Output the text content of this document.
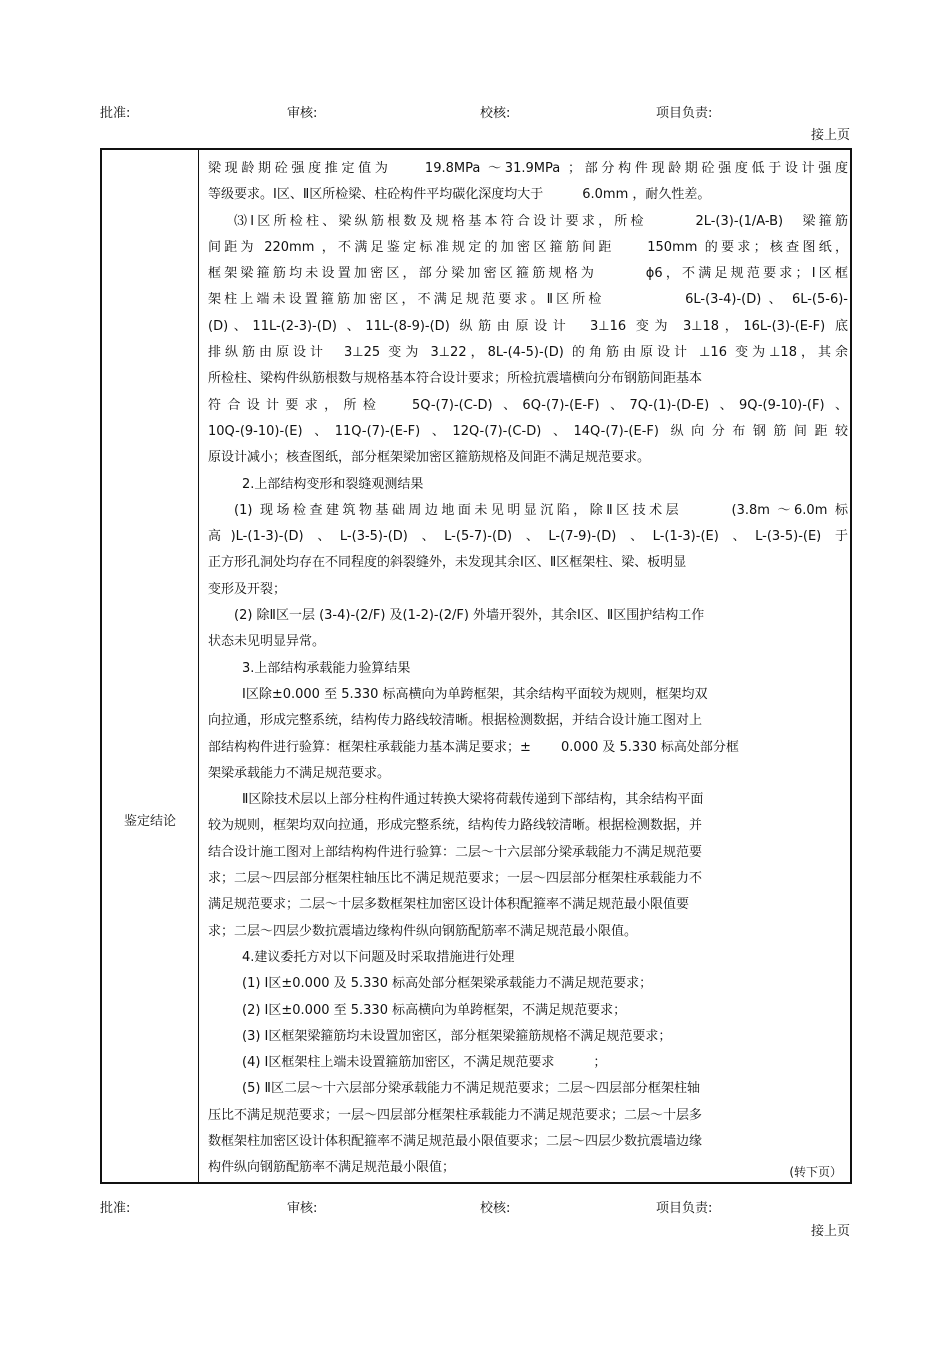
批准:	审核:	校核:	项目负责:
接上页
鉴定结论
梁现龄期砼强度推定值为　　19.8MPa ～31.9MPa ；部分构件现龄期砼强度低于设计强度
等级要求。Ⅰ区、Ⅱ区所检梁、柱砼构件平均碳化深度均大于　　　6.0mm ，耐久性差。
⑶Ⅰ区所检柱、梁纵筋根数及规格基本符合设计要求，所检　　　2L-(3)-(1/A-B)　梁箍筋
间距为 220mm ，不满足鉴定标准规定的加密区箍筋间距　　150mm 的要求；核查图纸，
框架梁箍筋均未设置加密区，部分梁加密区箍筋规格为　　　ɸ6，不满足规范要求；Ⅰ区框
架柱上端未设置箍筋加密区，不满足规范要求。Ⅱ区所检　　　　　6L-(3-4)-(D) 、 6L-(5-6)-
(D)、11L-(2-3)-(D) 、11L-(8-9)-(D) 纵筋由原设计　3⊥16 变为 3⊥18，16L-(3)-(E-F) 底
排纵筋由原设计　3⊥25 变为 3⊥22，8L-(4-5)-(D) 的角筋由原设计 ⊥16 变为⊥18，其余
所检柱、梁构件纵筋根数与规格基本符合设计要求；所检抗震墙横向分布钢筋间距基本
符合设计要求，所检　 5Q-(7)-(C-D) 、6Q-(7)-(E-F) 、7Q-(1)-(D-E) 、9Q-(9-10)-(F) 、
10Q-(9-10)-(E) 、11Q-(7)-(E-F) 、12Q-(7)-(C-D) 、14Q-(7)-(E-F) 纵向分布钢筋间距较
原设计减小；核查图纸，部分框架梁加密区箍筋规格及间距不满足规范要求。
2.上部结构变形和裂缝观测结果
(1) 现场检查建筑物基础周边地面未见明显沉陷，除Ⅱ区技术层　　　(3.8m ～6.0m 标
高)L-(1-3)-(D) 、L-(3-5)-(D) 、L-(5-7)-(D) 、L-(7-9)-(D) 、L-(1-3)-(E) 、L-(3-5)-(E) 于
正方形孔洞处均存在不同程度的斜裂缝外，未发现其余Ⅰ区、Ⅱ区框架柱、梁、板明显
变形及开裂；
(2) 除Ⅱ区一层 (3-4)-(2/F) 及(1-2)-(2/F) 外墙开裂外，其余Ⅰ区、Ⅱ区围护结构工作
状态未见明显异常。
3.上部结构承载能力验算结果
Ⅰ区除±0.000 至 5.330 标高横向为单跨框架，其余结构平面较为规则，框架均双
向拉通，形成完整系统，结构传力路线较清晰。根据检测数据，并结合设计施工图对上
部结构构件进行验算：框架柱承载能力基本满足要求；±　　 0.000 及 5.330 标高处部分框
架梁承载能力不满足规范要求。
Ⅱ区除技术层以上部分柱构件通过转换大梁将荷载传递到下部结构，其余结构平面
较为规则，框架均双向拉通，形成完整系统，结构传力路线较清晰。根据检测数据，并
结合设计施工图对上部结构构件进行验算：二层～十六层部分梁承载能力不满足规范要
求；二层～四层部分框架柱轴压比不满足规范要求；一层～四层部分框架柱承载能力不
满足规范要求；二层～十层多数框架柱加密区设计体积配箍率不满足规范最小限值要
求；二层～四层少数抗震墙边缘构件纵向钢筋配筋率不满足规范最小限值。
4.建议委托方对以下问题及时采取措施进行处理
(1) Ⅰ区±0.000 及 5.330 标高处部分框架梁承载能力不满足规范要求；
(2) Ⅰ区±0.000 至 5.330 标高横向为单跨框架，不满足规范要求；
(3) Ⅰ区框架梁箍筋均未设置加密区，部分框架梁箍筋规格不满足规范要求；
(4) Ⅰ区框架柱上端未设置箍筋加密区，不满足规范要求　　　；
(5) Ⅱ区二层～十六层部分梁承载能力不满足规范要求；二层～四层部分框架柱轴
压比不满足规范要求；一层～四层部分框架柱承载能力不满足规范要求；二层～十层多
数框架柱加密区设计体积配箍率不满足规范最小限值要求；二层～四层少数抗震墙边缘
构件纵向钢筋配筋率不满足规范最小限值；	(转下页）
批准:	审核:	校核:	项目负责:
接上页
